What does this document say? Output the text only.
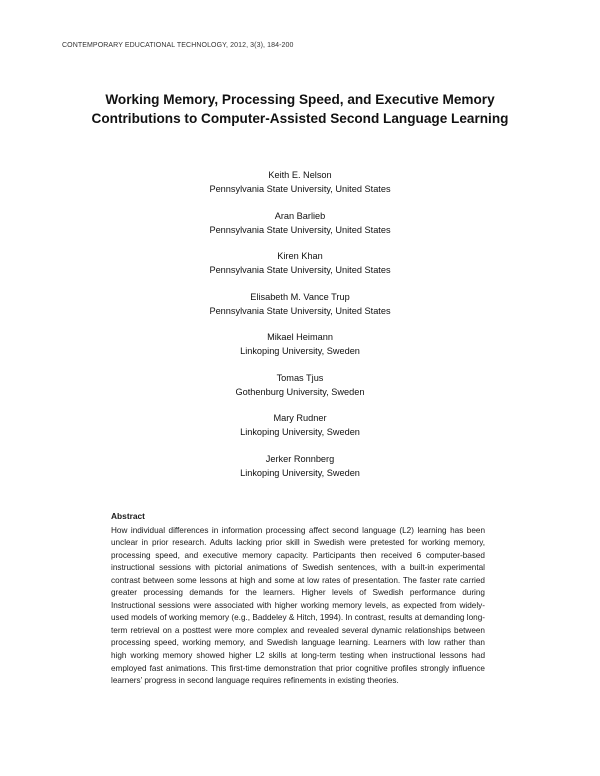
CONTEMPORARY EDUCATIONAL TECHNOLOGY, 2012, 3(3), 184-200
Working Memory, Processing Speed, and Executive Memory
Contributions to Computer-Assisted Second Language Learning
Keith E. Nelson
Pennsylvania State University, United States
Aran Barlieb
Pennsylvania State University, United States
Kiren Khan
Pennsylvania State University, United States
Elisabeth M. Vance Trup
Pennsylvania State University, United States
Mikael Heimann
Linkoping University, Sweden
Tomas Tjus
Gothenburg University, Sweden
Mary Rudner
Linkoping University, Sweden
Jerker Ronnberg
Linkoping University, Sweden
Abstract
How individual differences in information processing affect second language (L2) learning has been unclear in prior research. Adults lacking prior skill in Swedish were pretested for working memory, processing speed, and executive memory capacity. Participants then received 6 computer-based instructional sessions with pictorial animations of Swedish sentences, with a built-in experimental contrast between some lessons at high and some at low rates of presentation. The faster rate carried greater processing demands for the learners. Higher levels of Swedish performance during Instructional sessions were associated with higher working memory levels, as expected from widely-used models of working memory (e.g., Baddeley & Hitch, 1994). In contrast, results at demanding long-term retrieval on a posttest were more complex and revealed several dynamic relationships between processing speed, working memory, and Swedish language learning. Learners with low rather than high working memory showed higher L2 skills at long-term testing when instructional lessons had employed fast animations. This first-time demonstration that prior cognitive profiles strongly influence learners’ progress in second language requires refinements in existing theories.
